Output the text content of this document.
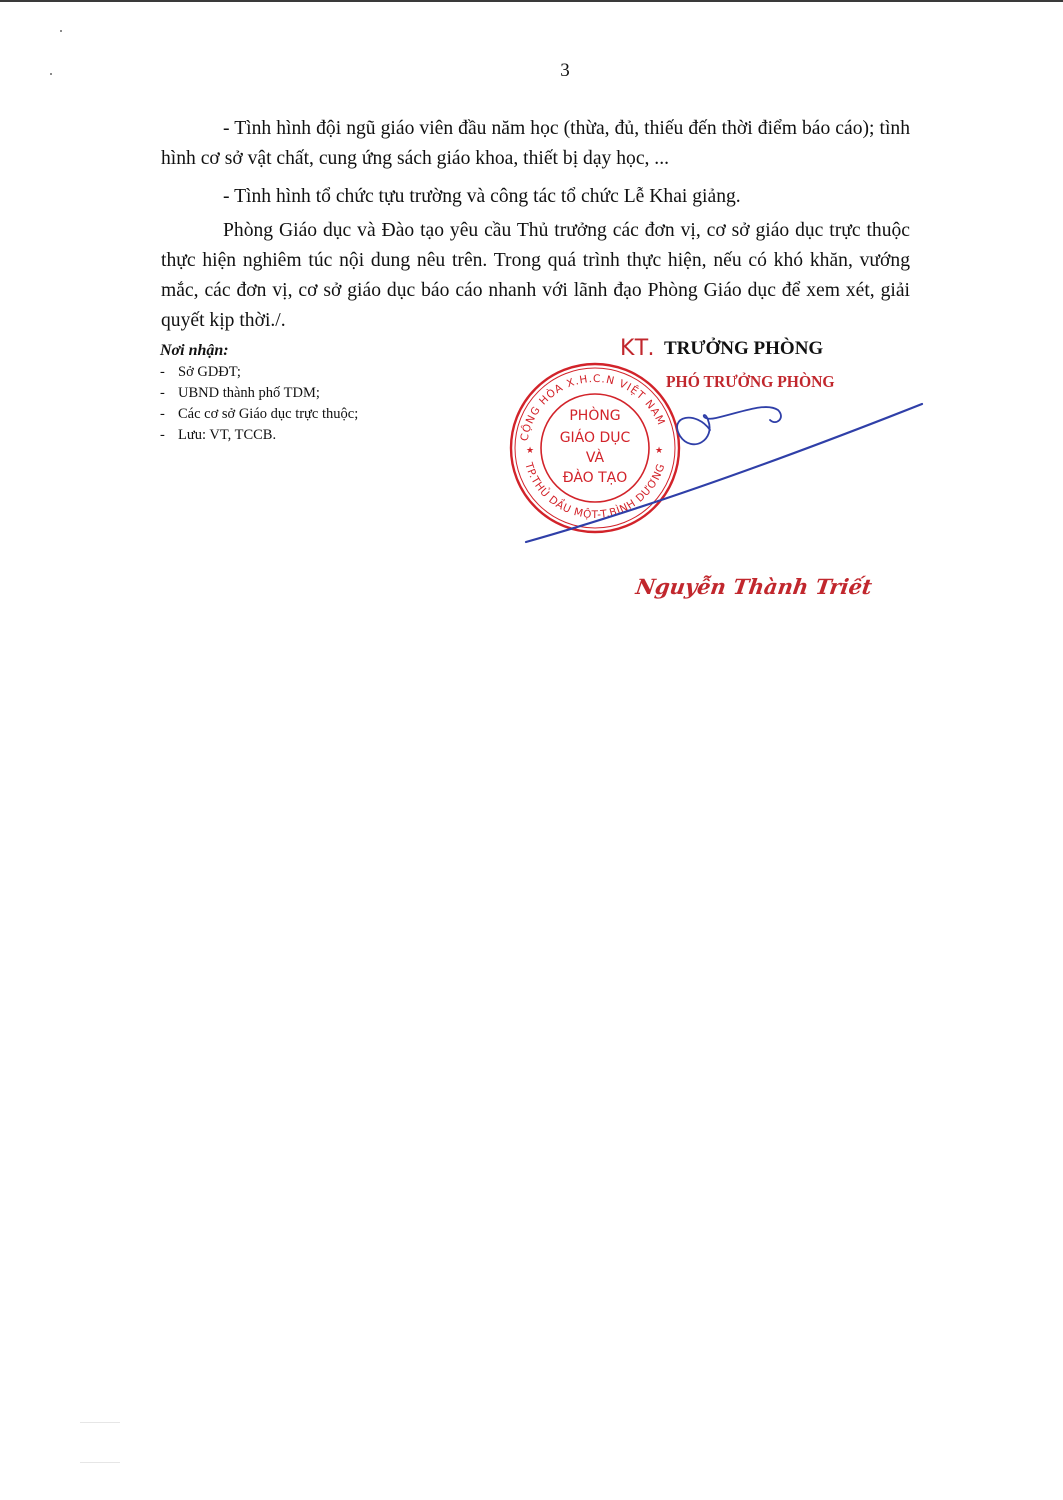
3

- Tình hình đội ngũ giáo viên đầu năm học (thừa, đủ, thiếu đến thời điểm báo cáo); tình hình cơ sở vật chất, cung ứng sách giáo khoa, thiết bị dạy học, ...

- Tình hình tổ chức tựu trường và công tác tổ chức Lễ Khai giảng.

Phòng Giáo dục và Đào tạo yêu cầu Thủ trưởng các đơn vị, cơ sở giáo dục trực thuộc thực hiện nghiêm túc nội dung nêu trên. Trong quá trình thực hiện, nếu có khó khăn, vướng mắc, các đơn vị, cơ sở giáo dục báo cáo nhanh với lãnh đạo Phòng Giáo dục để xem xét, giải quyết kịp thời./.

Nơi nhận:
- Sở GDĐT;
- UBND thành phố TDM;
- Các cơ sở Giáo dục trực thuộc;
- Lưu: VT, TCCB.
KT. TRƯỞNG PHÒNG
PHÓ TRƯỞNG PHÒNG
CỘNG HÒA X.H.C.N VIỆT NAM
TP.THỦ DẦU MỘT-T.BÌNH DƯƠNG
★	★
PHÒNG
GIÁO DỤC
VÀ
ĐÀO TẠO
Nguyễn Thành Triết
